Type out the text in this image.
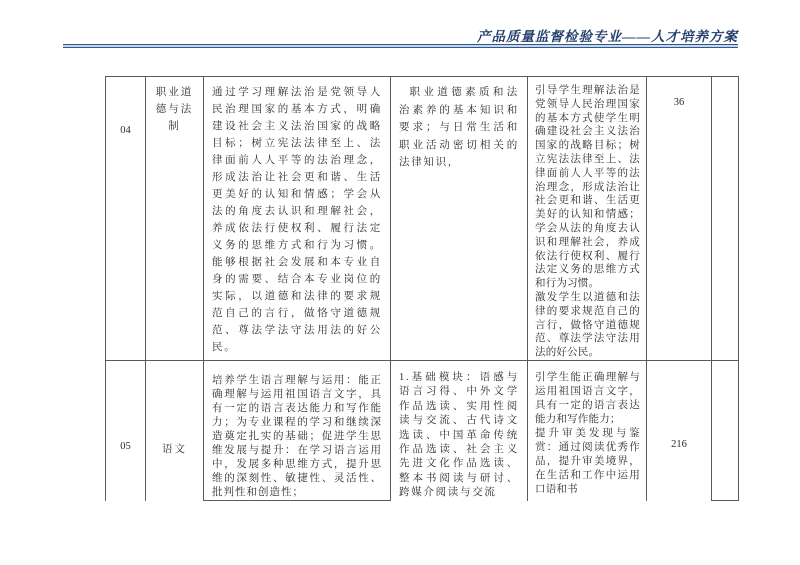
产品质量监督检验专业——人才培养方案
04	职业道德与法制	通过学习理解法治是党领导人民治理国家的基本方式，明确建设社会主义法治国家的战略目标；树立宪法法律至上、法律面前人人平等的法治理念，形成法治让社会更和谐、生活更美好的认知和情感；学会从法的角度去认识和理解社会，养成依法行使权利、履行法定义务的思维方式和行为习惯。能够根据社会发展和本专业自身的需要、结合本专业岗位的实际，以道德和法律的要求规范自己的言行，做恪守道德规范、尊法学法守法用法的好公民。	职业道德素质和法治素养的基本知识和要求；与日常生活和职业活动密切相关的法律知识，	引导学生理解法治是党领导人民治理国家的基本方式使学生明确建设社会主义法治国家的战略目标；树立宪法法律至上、法律面前人人平等的法治理念，形成法治让社会更和谐、生活更美好的认知和情感；学会从法的角度去认识和理解社会，养成依法行使权利、履行法定义务的思维方式和行为习惯。
激发学生以道德和法律的要求规范自己的言行，做恪守道德规范、尊法学法守法用法的好公民。	36	
05	语文	培养学生语言理解与运用：能正确理解与运用祖国语言文字，具有一定的语言表达能力和写作能力；为专业课程的学习和继续深造奠定扎实的基础；促进学生思维发展与提升：在学习语言运用中，发展多种思维方式，提升思维的深刻性、敏捷性、灵活性、批判性和创造性；	1.基础模块：语感与语言习得、中外文学作品选读、实用性阅读与交流、古代诗文选读、中国革命传统作品选读、社会主义先进文化作品选读、整本书阅读与研讨、跨媒介阅读与交流	引学生能正确理解与运用祖国语言文字，具有一定的语言表达能力和写作能力；
提升审美发现与鉴赏：通过阅读优秀作品，提升审美境界，在生活和工作中运用口语和书	216	
